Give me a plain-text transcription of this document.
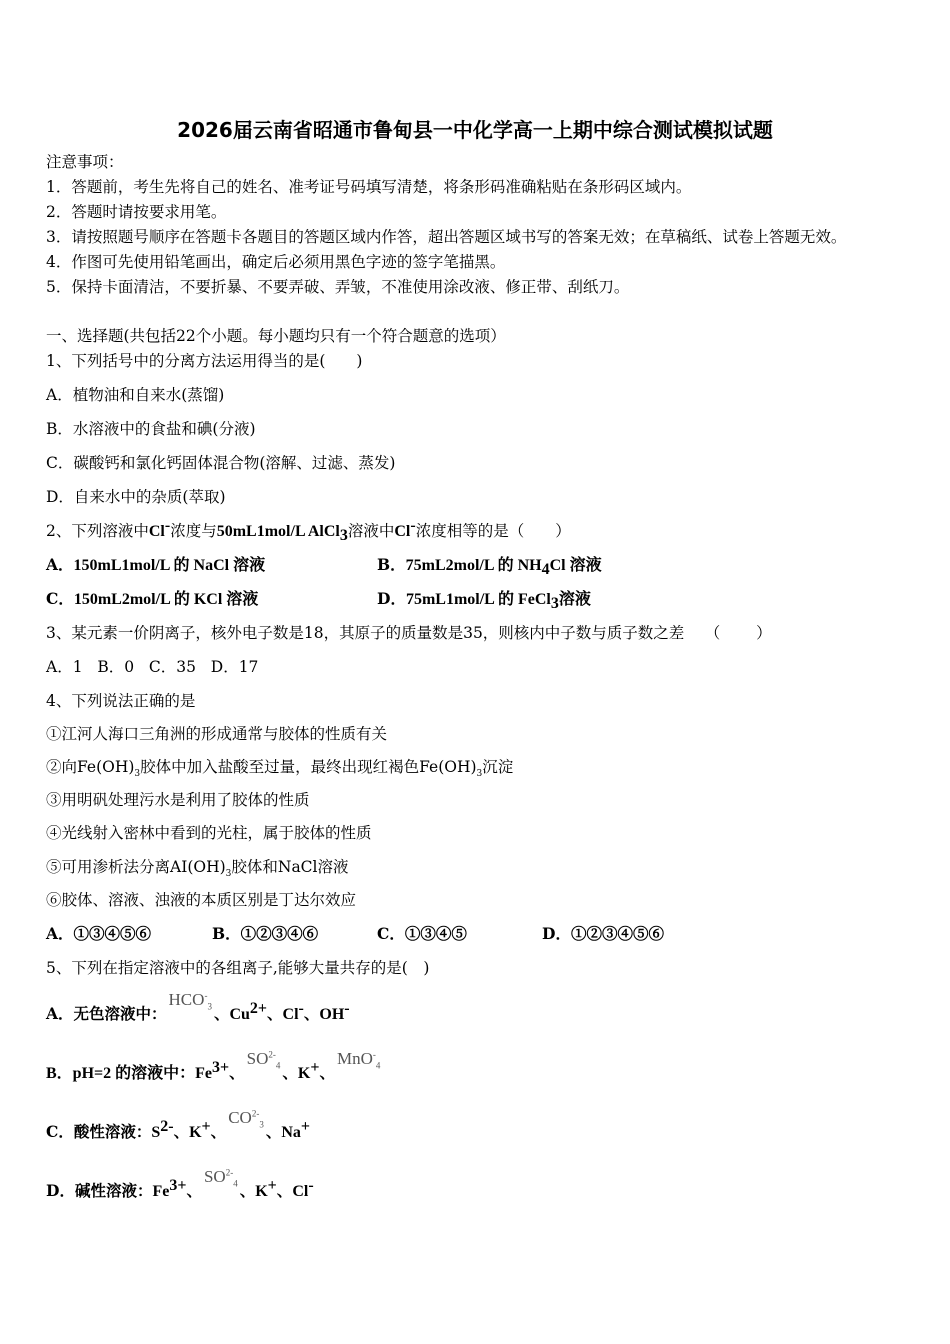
2026届云南省昭通市鲁甸县一中化学高一上期中综合测试模拟试题
注意事项：
1．答题前，考生先将自己的姓名、准考证号码填写清楚，将条形码准确粘贴在条形码区域内。
2．答题时请按要求用笔。
3．请按照题号顺序在答题卡各题目的答题区域内作答，超出答题区域书写的答案无效；在草稿纸、试卷上答题无效。
4．作图可先使用铅笔画出，确定后必须用黑色字迹的签字笔描黑。
5．保持卡面清洁，不要折暴、不要弄破、弄皱，不准使用涂改液、修正带、刮纸刀。
一、选择题(共包括22个小题。每小题均只有一个符合题意的选项）
1、下列括号中的分离方法运用得当的是(　　)
A．植物油和自来水(蒸馏)
B．水溶液中的食盐和碘(分液)
C．碳酸钙和氯化钙固体混合物(溶解、过滤、蒸发)
D．自来水中的杂质(萃取)
2、下列溶液中Cl-浓度与50mL1mol/L AlCl$_3$溶液中Cl-浓度相等的是（　　）
A．150mL1mol/L 的 NaCl 溶液	B．75mL2mol/L 的 $NH_4Cl$ 溶液
C．150mL2mol/L 的 KCl 溶液	D．75mL1mol/L 的 FeCl$_3$溶液
3、某元素一价阴离子，核外电子数是18，其原子的质量数是35，则核内中子数与质子数之差　 （　　 ）
A．1 B．0 C．35 D．17
4、下列说法正确的是
①江河人海口三角洲的形成通常与胶体的性质有关
②向$Fe(OH)_3$胶体中加入盐酸至过量，最终出现红褐色$Fe(OH)_3$沉淀
③用明矾处理污水是利用了胶体的性质
④光线射入密林中看到的光柱，属于胶体的性质
⑤可用渗析法分离$AI(OH)_3$胶体和NaCl溶液
⑥胶体、溶液、浊液的本质区别是丁达尔效应
A．①③④⑤⑥	B．①②③④⑥	C．①③④⑤	D．①②③④⑤⑥
5、下列在指定溶液中的各组离子,能够大量共存的是(　)
A．无色溶液中：$HCO^-_3$ 、$Cu^{2+}$、Cl-、OH-
B．pH=2 的溶液中：$Fe^{3+}$、$SO^{2-}_4$ 、K+、MnO-$_4$
C．酸性溶液：$S^{2-}$、K+、$CO^{2-}_3$ 、Na+
D．碱性溶液：$Fe^{3+}$、$SO^{2-}_4$ 、K+、Cl-
